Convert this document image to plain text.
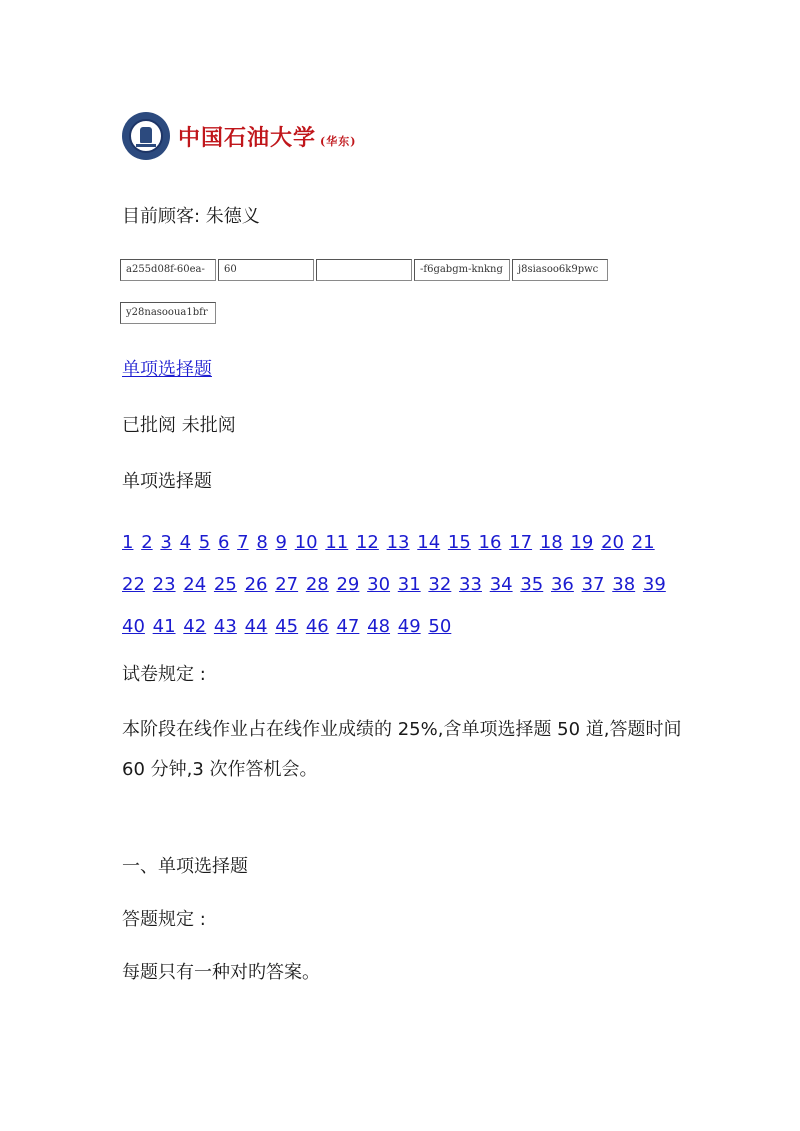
中国石油大学 (华东)
目前顾客: 朱德义
a255d08f-60ea-	60	-f6gabgm-knkng	j8siasoo6k9pwc
y28nasooua1bfr
单项选择题
已批阅 未批阅
单项选择题
1 2 3 4 5 6 7 8 9 10 11 12 13 14 15 16 17 18 19 20 21 22 23 24 25 26 27 28 29 30 31 32 33 34 35 36 37 38 39 40 41 42 43 44 45 46 47 48 49 50
试卷规定 :
本阶段在线作业占在线作业成绩的 25%,含单项选择题 50 道,答题时间 60 分钟,3 次作答机会。
一、单项选择题
答题规定 :
每题只有一种对旳答案。
